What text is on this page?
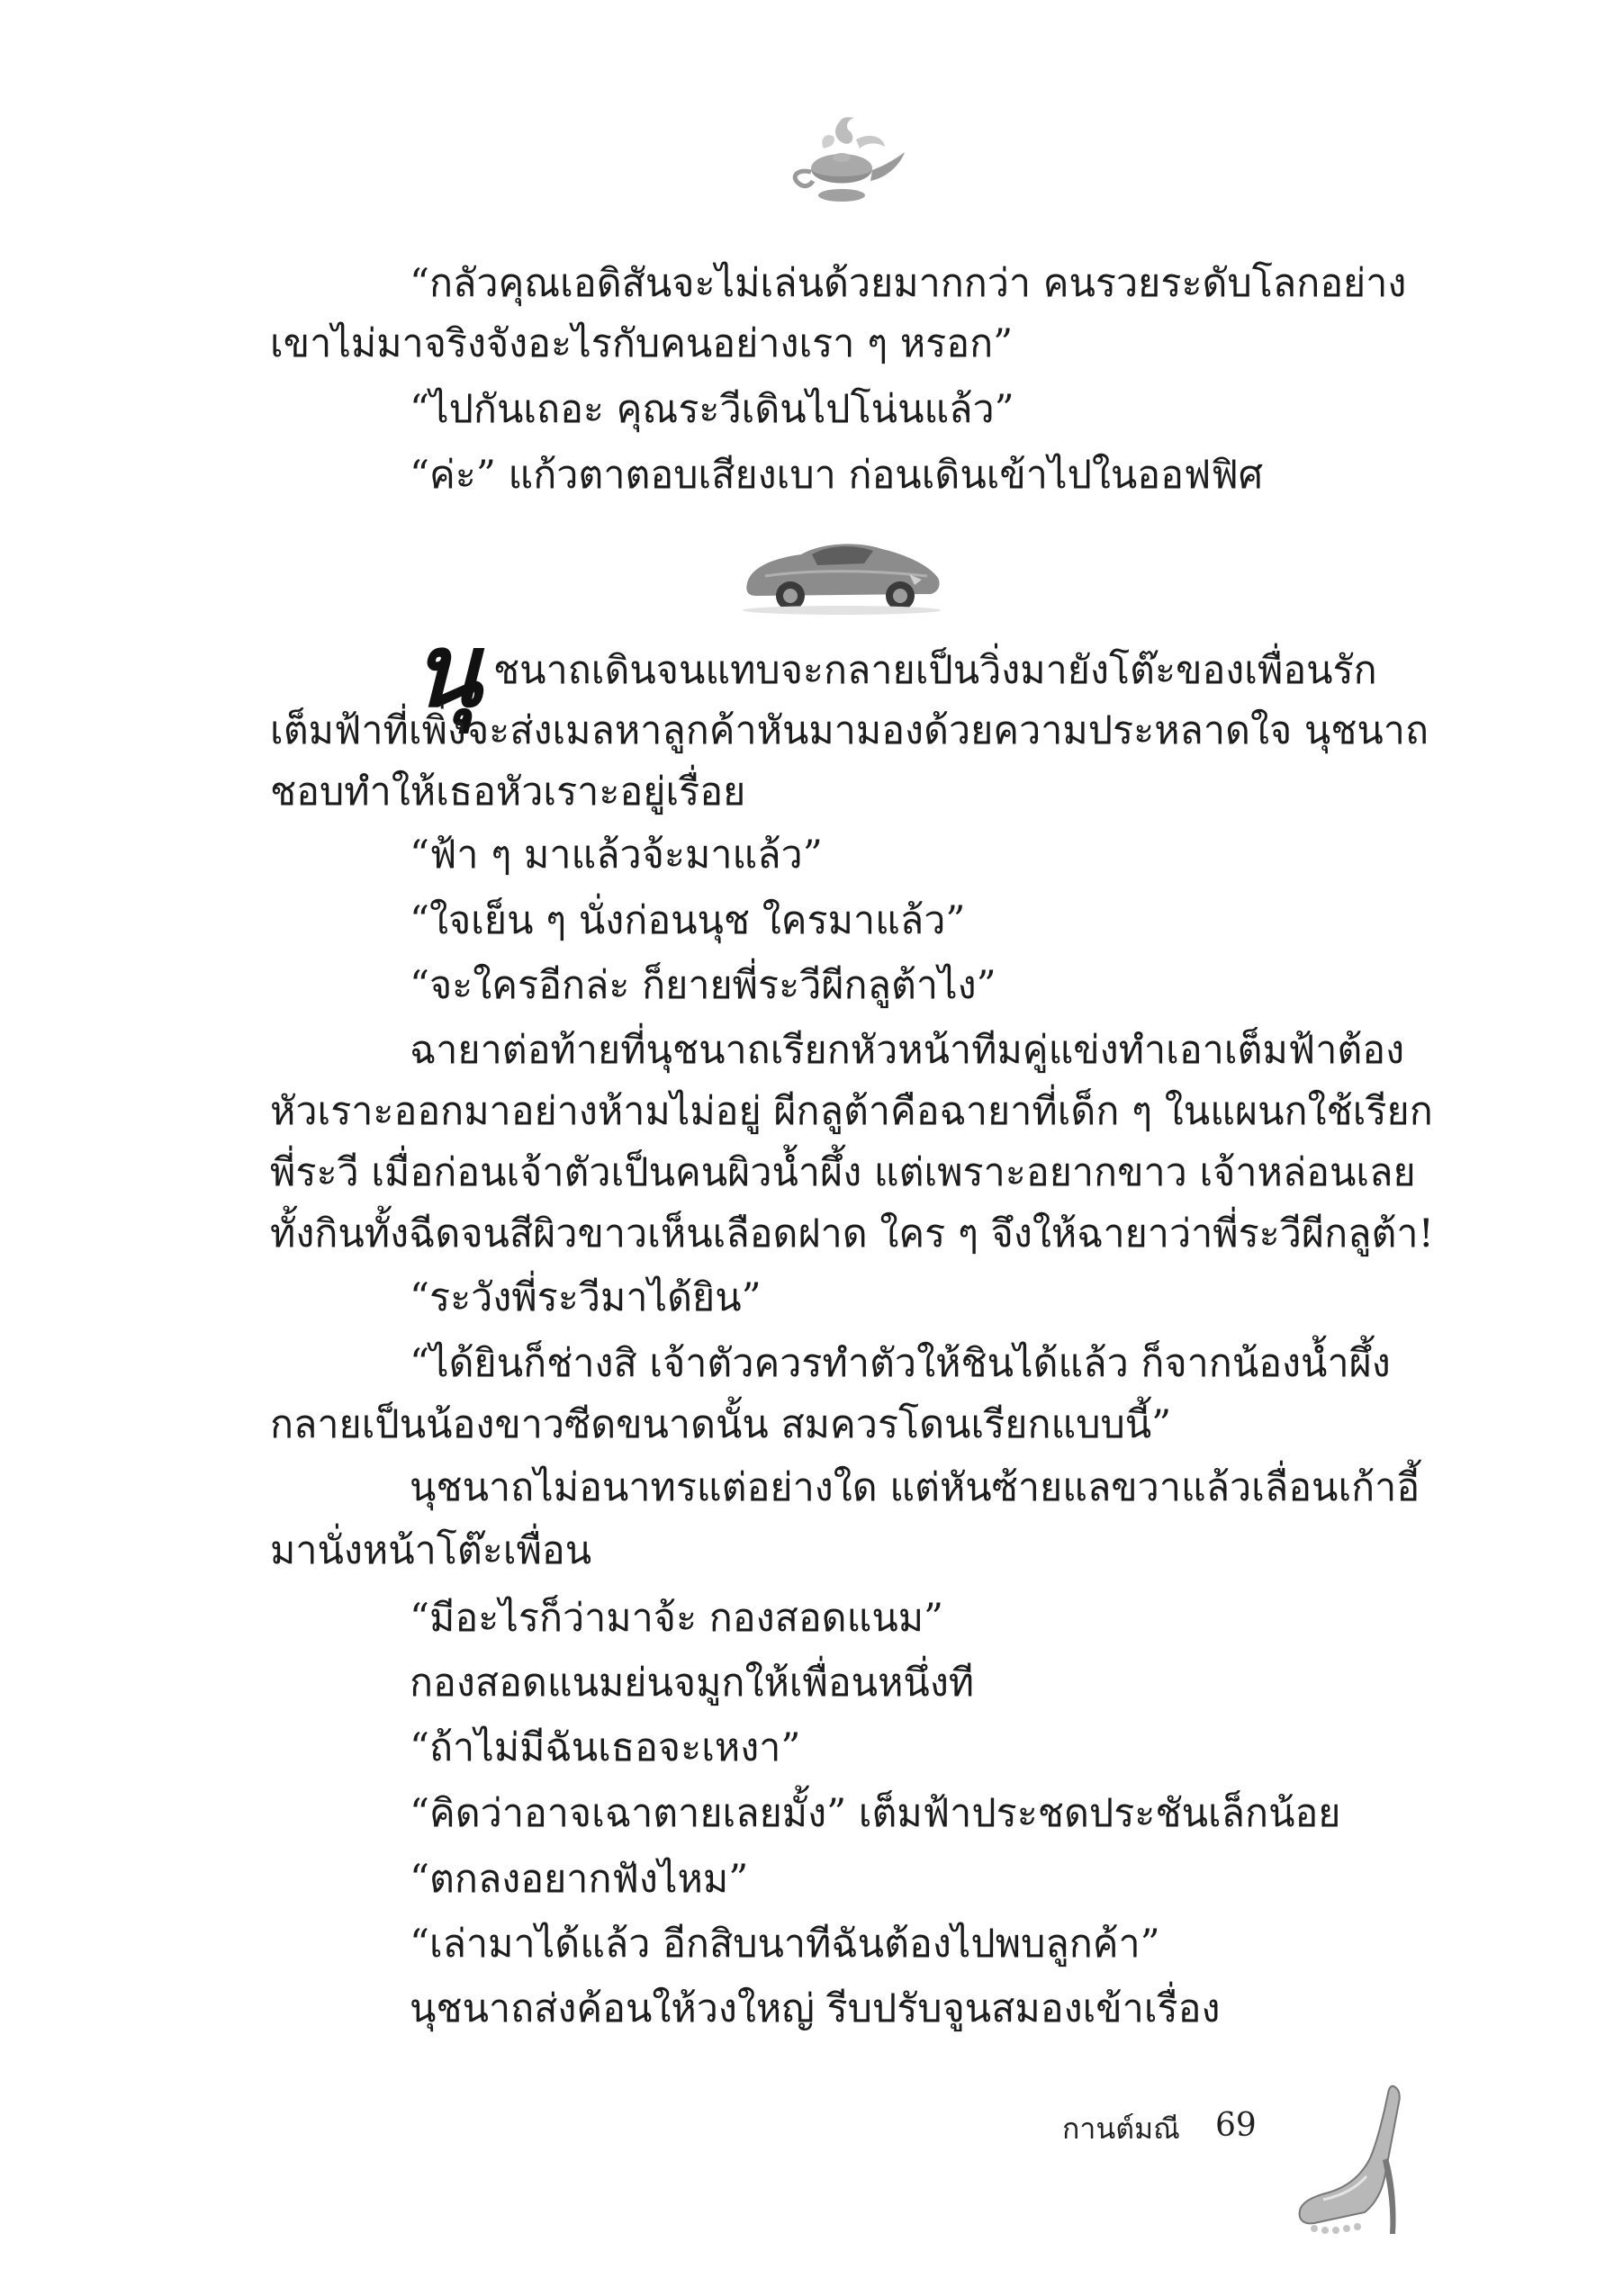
“กลัวคุณเอดิสันจะไม่เล่นด้วยมากกว่า คนรวยระดับโลกอย่าง
เขาไม่มาจริงจังอะไรกับคนอย่างเรา ๆ หรอก”
“ไปกันเถอะ คุณระวีเดินไปโน่นแล้ว”
“ค่ะ” แก้วตาตอบเสียงเบา ก่อนเดินเข้าไปในออฟฟิศ
นุ ชนาถเดินจนแทบจะกลายเป็นวิ่งมายังโต๊ะของเพื่อนรัก
เต็มฟ้าที่เพิ่งจะส่งเมลหาลูกค้าหันมามองด้วยความประหลาดใจ นุชนาถ
ชอบทำให้เธอหัวเราะอยู่เรื่อย
“ฟ้า ๆ มาแล้วจ้ะมาแล้ว”
“ใจเย็น ๆ นั่งก่อนนุช ใครมาแล้ว”
“จะใครอีกล่ะ ก็ยายพี่ระวีผีกลูต้าไง”
ฉายาต่อท้ายที่นุชนาถเรียกหัวหน้าทีมคู่แข่งทำเอาเต็มฟ้าต้อง
หัวเราะออกมาอย่างห้ามไม่อยู่ ผีกลูต้าคือฉายาที่เด็ก ๆ ในแผนกใช้เรียก
พี่ระวี เมื่อก่อนเจ้าตัวเป็นคนผิวน้ำผึ้ง แต่เพราะอยากขาว เจ้าหล่อนเลย
ทั้งกินทั้งฉีดจนสีผิวขาวเห็นเลือดฝาด ใคร ๆ จึงให้ฉายาว่าพี่ระวีผีกลูต้า!
“ระวังพี่ระวีมาได้ยิน”
“ได้ยินก็ช่างสิ เจ้าตัวควรทำตัวให้ชินได้แล้ว ก็จากน้องน้ำผึ้ง
กลายเป็นน้องขาวซีดขนาดนั้น สมควรโดนเรียกแบบนี้”
นุชนาถไม่อนาทรแต่อย่างใด แต่หันซ้ายแลขวาแล้วเลื่อนเก้าอี้
มานั่งหน้าโต๊ะเพื่อน
“มีอะไรก็ว่ามาจ้ะ กองสอดแนม”
กองสอดแนมย่นจมูกให้เพื่อนหนึ่งที
“ถ้าไม่มีฉันเธอจะเหงา”
“คิดว่าอาจเฉาตายเลยมั้ง” เต็มฟ้าประชดประชันเล็กน้อย
“ตกลงอยากฟังไหม”
“เล่ามาได้แล้ว อีกสิบนาทีฉันต้องไปพบลูกค้า”
นุชนาถส่งค้อนให้วงใหญ่ รีบปรับจูนสมองเข้าเรื่อง
กานต์มณี 69
